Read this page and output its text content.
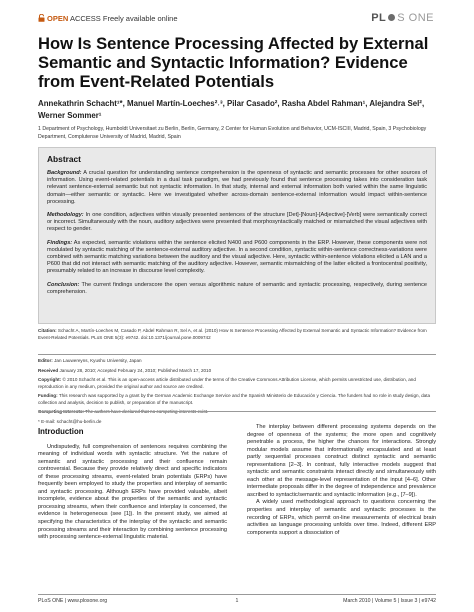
OPEN ACCESS Freely available online	PL S ONE
How Is Sentence Processing Affected by External Semantic and Syntactic Information? Evidence from Event-Related Potentials
Annekathrin Schacht¹*, Manuel Martín-Loeches²˒³, Pilar Casado², Rasha Abdel Rahman¹, Alejandra Sel², Werner Sommer¹
1 Department of Psychology, Humboldt Universitaet zu Berlin, Berlin, Germany, 2 Center for Human Evolution and Behavior, UCM-ISCIII, Madrid, Spain, 3 Psychobiology Department, Complutense University of Madrid, Madrid, Spain
Abstract

Background: A crucial question for understanding sentence comprehension is the openness of syntactic and semantic processes for other sources of information. Using event-related potentials in a dual task paradigm, we had previously found that sentence processing takes into consideration task relevant sentence-external semantic but not syntactic information. In that study, internal and external information both varied within the same linguistic domain—either semantic or syntactic. Here we investigated whether across-domain sentence-external information would impact within-sentence processing.

Methodology: In one condition, adjectives within visually presented sentences of the structure [Det]-[Noun]-[Adjective]-[Verb] were semantically correct or incorrect. Simultaneously with the noun, auditory adjectives were presented that morphosyntactically matched or mismatched the visual adjectives with respect to gender.

Findings: As expected, semantic violations within the sentence elicited N400 and P600 components in the ERP. However, these components were not modulated by syntactic matching of the sentence-external auditory adjective. In a second condition, syntactic within-sentence correctness-variations were combined with semantic matching variations between the auditory and the visual adjective. Here, syntactic within-sentence violations elicited a LAN and a P600 that did not interact with semantic matching of the auditory adjective. However, semantic mismatching of the latter elicited a frontocentral positivity, presumably related to an increase in discourse level complexity.

Conclusion: The current findings underscore the open versus algorithmic nature of semantic and syntactic processing, respectively, during sentence comprehension.

Citation: Schacht A, Martín-Loeches M, Casado P, Abdel Rahman R, Sel A, et al. (2010) How Is Sentence Processing Affected by External Semantic and Syntactic Information? Evidence from Event-Related Potentials. PLoS ONE 5(3): e9742. doi:10.1371/journal.pone.0009742

Editor: Jan Lauwereyns, Kyushu University, Japan

Received January 28, 2010; Accepted February 24, 2010; Published March 17, 2010

Copyright: © 2010 Schacht et al. This is an open-access article distributed under the terms of the Creative Commons Attribution License, which permits unrestricted use, distribution, and reproduction in any medium, provided the original author and source are credited.

Funding: This research was supported by a grant by the German Academic Exchange Service and the Spanish Ministerio de Educación y Ciencia. The funders had no role in study design, data collection and analysis, decision to publish, or preparation of the manuscript.

Competing Interests: The authors have declared that no competing interests exist.

* E-mail: schacht@hu-berlin.de

Introduction

Undisputedly, full comprehension of sentences requires combining the meaning of individual words with syntactic structure. Yet the nature of semantic and syntactic processing and their confluence remain controversial. Because they provide relatively direct and specific indicators of these processing streams, event-related brain potentials (ERPs) have frequently been employed to study the properties and interplay of semantic and syntactic processing. Although ERPs have provided valuable, albeit incomplete, evidence about the properties of the semantic and syntactic processing streams, when their confluence and interplay is concerned, the evidence is heterogeneous (see [1]). In the present study, we aimed at specifying the characteristics of the interplay of the syntactic and semantic processing streams and their interaction by combining sentence processing with processing sentence-external linguistic material.

The interplay between different processing systems depends on the degree of openness of the systems; the more open and cognitively penetrable a process, the higher the chances for interactions. Strongly modular models assume that informationally encapsulated and at least partly sequential processes construct distinct syntactic and semantic representations [2–3]. In contrast, fully interactive models suggest that syntactic and semantic constraints interact directly and simultaneously with each other at the message-level representation of the input [4–6]. Other intermediate proposals differ in the degree of independence and prevalence ascribed to syntactic/semantic and syntactic information (e.g., [7–9]).

A widely used methodological approach to questions concerning the properties and interplay of semantic and syntactic processes is the recording of ERPs, which permit on-line measurements of electrical brain activities as language processing unfolds over time. Indeed, different ERP components support a dissociation of

PLoS ONE | www.plosone.org	1	March 2010 | Volume 5 | Issue 3 | e9742
